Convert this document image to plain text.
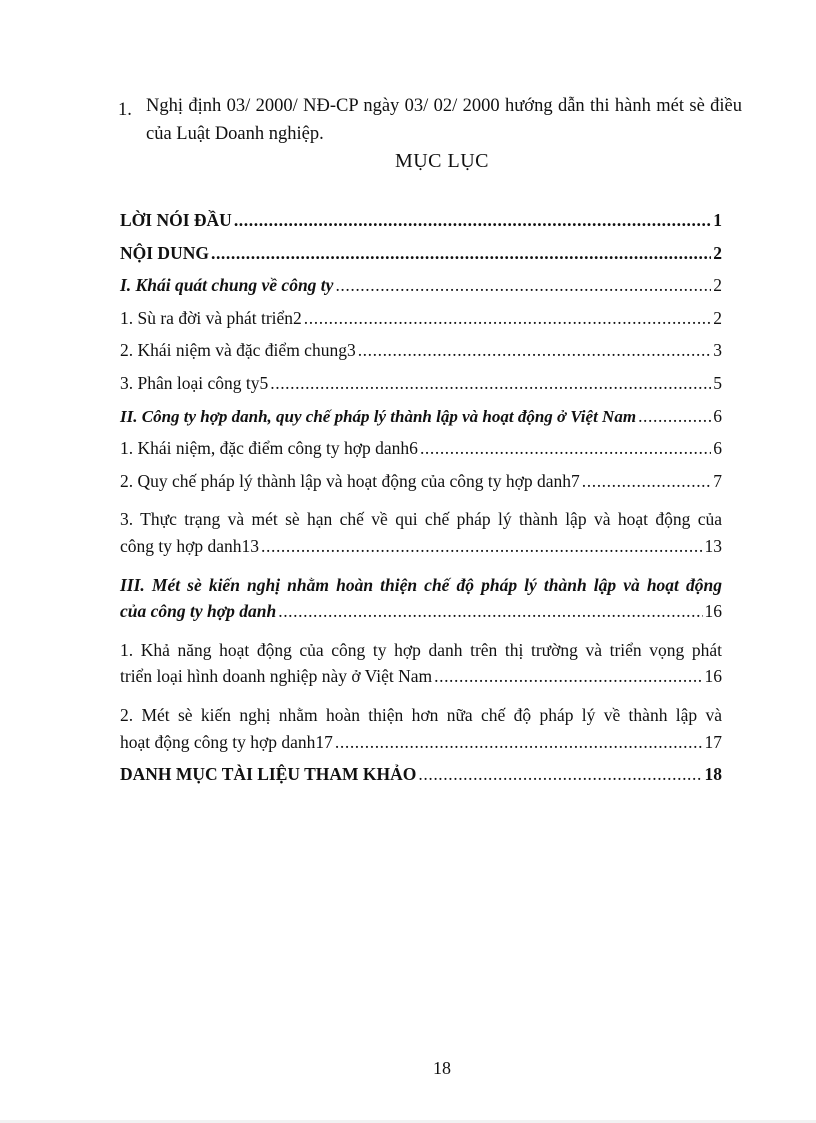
1. Nghị định 03/ 2000/ NĐ-CP ngày 03/ 02/ 2000 hướng dẫn thi hành mét sè điều của Luật Doanh nghiệp.
MỤC LỤC
LỜI NÓI ĐẦU .....	1
NỘI DUNG .....	2
I. Khái quát chung về công ty .....	2
1. Sù ra đời và phát triển2 .....	2
2. Khái niệm và đặc điểm chung3 .....	3
3. Phân loại công ty5 .....	5
II. Công ty hợp danh, quy chế pháp lý thành lập và hoạt động ở Việt Nam .....	6
1. Khái niệm, đặc điểm công ty hợp danh6 .....	6
2. Quy chế pháp lý thành lập và hoạt động của công ty hợp danh7 .....	7
3. Thực trạng và mét sè hạn chế về qui chế pháp lý thành lập và hoạt động của
công ty hợp danh13 .....	13
III. Mét sè kiến nghị nhằm hoàn thiện chế độ pháp lý thành lập và hoạt động
của công ty hợp danh .....	16
1. Khả năng hoạt động của công ty hợp danh trên thị trường và triển vọng phát
triển loại hình doanh nghiệp này ở Việt Nam .....	16
2. Mét sè kiến nghị nhằm hoàn thiện hơn nữa chế độ pháp lý về thành lập và
hoạt động công ty hợp danh17 .....	17
DANH MỤC TÀI LIỆU THAM KHẢO .....	18
18
